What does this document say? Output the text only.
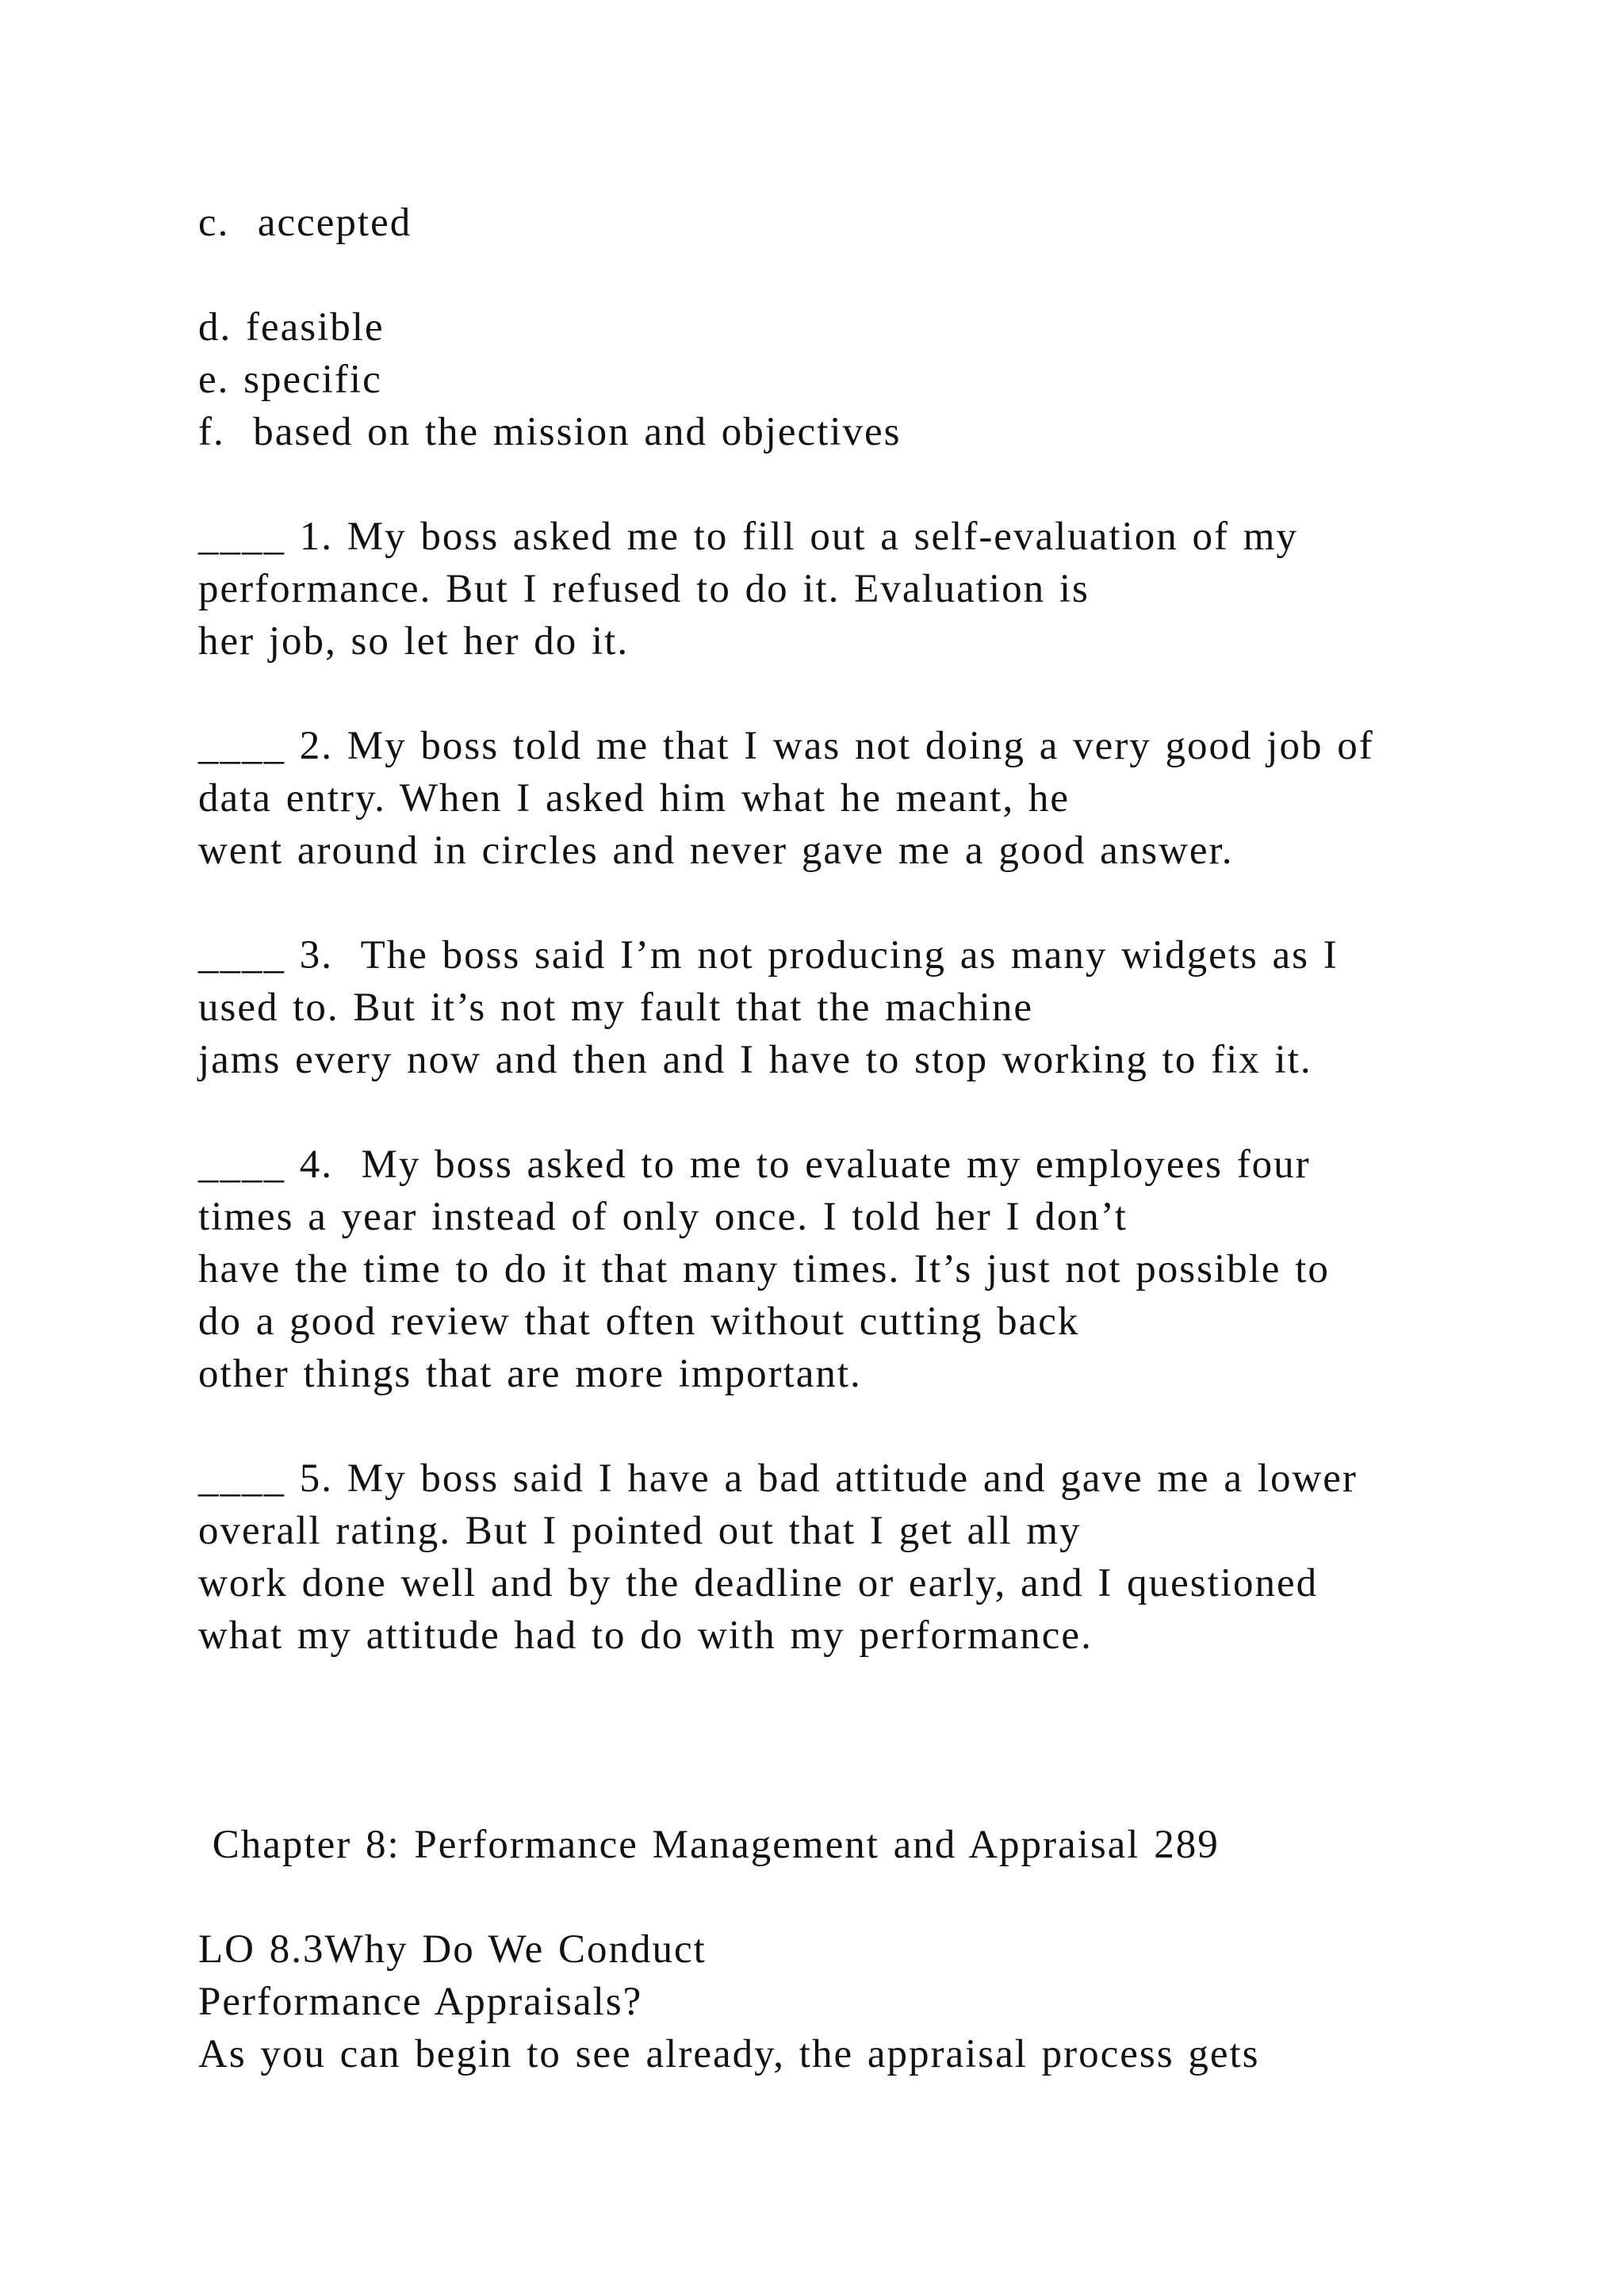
c.  accepted
d. feasible
e. specific
f.  based on the mission and objectives
____ 1. My boss asked me to fill out a self-evaluation of my
performance. But I refused to do it. Evaluation is
her job, so let her do it.
____ 2. My boss told me that I was not doing a very good job of
data entry. When I asked him what he meant, he
went around in circles and never gave me a good answer.
____ 3.  The boss said I’m not producing as many widgets as I
used to. But it’s not my fault that the machine
jams every now and then and I have to stop working to fix it.
____ 4.  My boss asked to me to evaluate my employees four
times a year instead of only once. I told her I don’t
have the time to do it that many times. It’s just not possible to
do a good review that often without cutting back
other things that are more important.
____ 5. My boss said I have a bad attitude and gave me a lower
overall rating. But I pointed out that I get all my
work done well and by the deadline or early, and I questioned
what my attitude had to do with my performance.
Chapter 8: Performance Management and Appraisal 289
LO 8.3Why Do We Conduct
Performance Appraisals?
As you can begin to see already, the appraisal process gets
